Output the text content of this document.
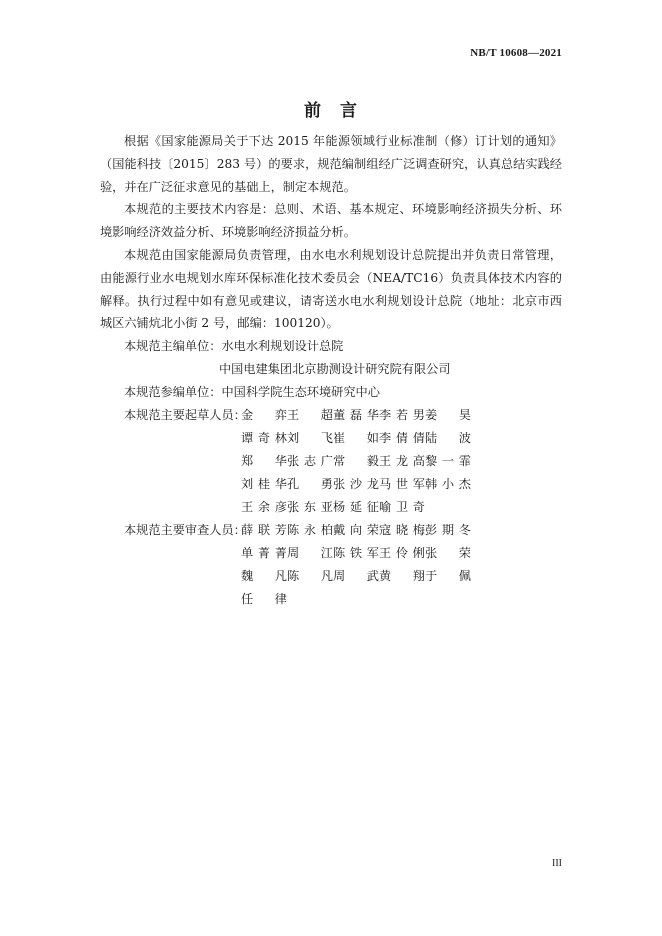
NB/T 10608—2021
前 言

根据《国家能源局关于下达 2015 年能源领域行业标准制（修）订计划的通知》（国能科技〔2015〕283 号）的要求，规范编制组经广泛调查研究，认真总结实践经验，并在广泛征求意见的基础上，制定本规范。

本规范的主要技术内容是：总则、术语、基本规定、环境影响经济损失分析、环境影响经济效益分析、环境影响经济损益分析。

本规范由国家能源局负责管理，由水电水利规划设计总院提出并负责日常管理，由能源行业水电规划水库环保标准化技术委员会（NEA/TC16）负责具体技术内容的解释。执行过程中如有意见或建议，请寄送水电水利规划设计总院（地址：北京市西城区六铺炕北小街 2 号，邮编：100120）。

本规范主编单位：水电水利规划设计总院
中国电建集团北京勘测设计研究院有限公司
本规范参编单位：中国科学院生态环境研究中心
本规范主要起草人员：
金　弈王　超董磊华李若男姜　昊
谭奇林刘　飞崔　如李倩倩陆　波
郑　华张志广常　毅王龙高黎一霏
刘桂华孔　勇张沙龙马世军韩小杰
王余彦张东亚杨延征喻卫奇
本规范主要审查人员：
薛联芳陈永柏戴向荣寇晓梅彭期冬
单菁菁周　江陈铁军王伶俐张　荣
魏　凡陈　凡周　武黄　翔于　佩
任　律
III
